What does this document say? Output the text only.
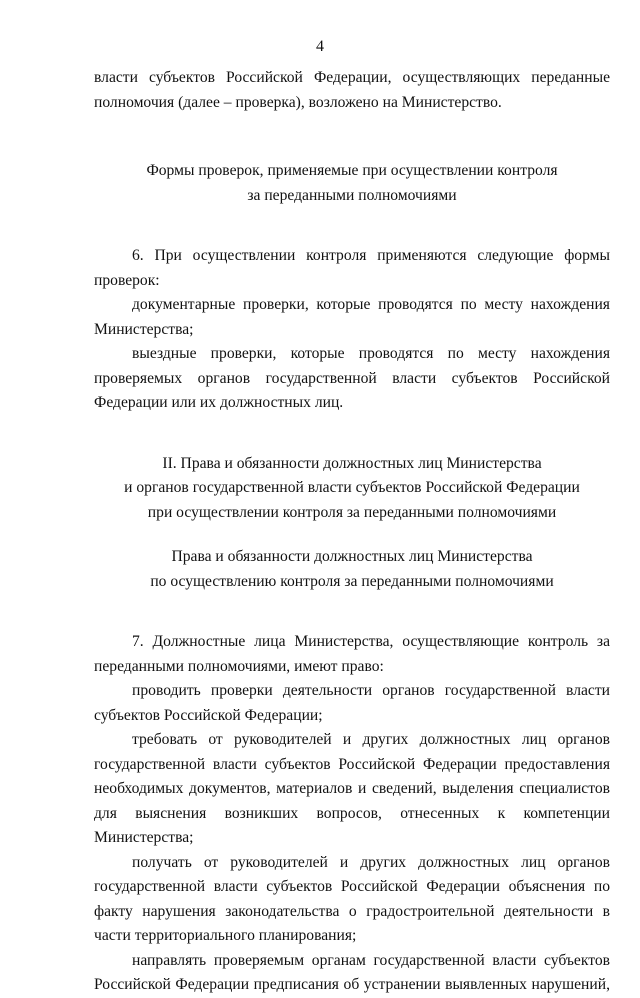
4

власти субъектов Российской Федерации, осуществляющих переданные полномочия (далее – проверка), возложено на Министерство.

Формы проверок, применяемые при осуществлении контроля

за переданными полномочиями

6. При осуществлении контроля применяются следующие формы проверок:

документарные проверки, которые проводятся по месту нахождения Министерства;

выездные проверки, которые проводятся по месту нахождения проверяемых органов государственной власти субъектов Российской Федерации или их должностных лиц.

II. Права и обязанности должностных лиц Министерства

и органов государственной власти субъектов Российской Федерации

при осуществлении контроля за переданными полномочиями

Права и обязанности должностных лиц Министерства

по осуществлению контроля за переданными полномочиями

7. Должностные лица Министерства, осуществляющие контроль за переданными полномочиями, имеют право:

проводить проверки деятельности органов государственной власти субъектов Российской Федерации;

требовать от руководителей и других должностных лиц органов государственной власти субъектов Российской Федерации предоставления необходимых документов, материалов и сведений, выделения специалистов для выяснения возникших вопросов, отнесенных к компетенции Министерства;

получать от руководителей и других должностных лиц органов государственной власти субъектов Российской Федерации объяснения по факту нарушения законодательства о градостроительной деятельности в части территориального планирования;

направлять проверяемым органам государственной власти субъектов Российской Федерации предписания об устранении выявленных нарушений,
